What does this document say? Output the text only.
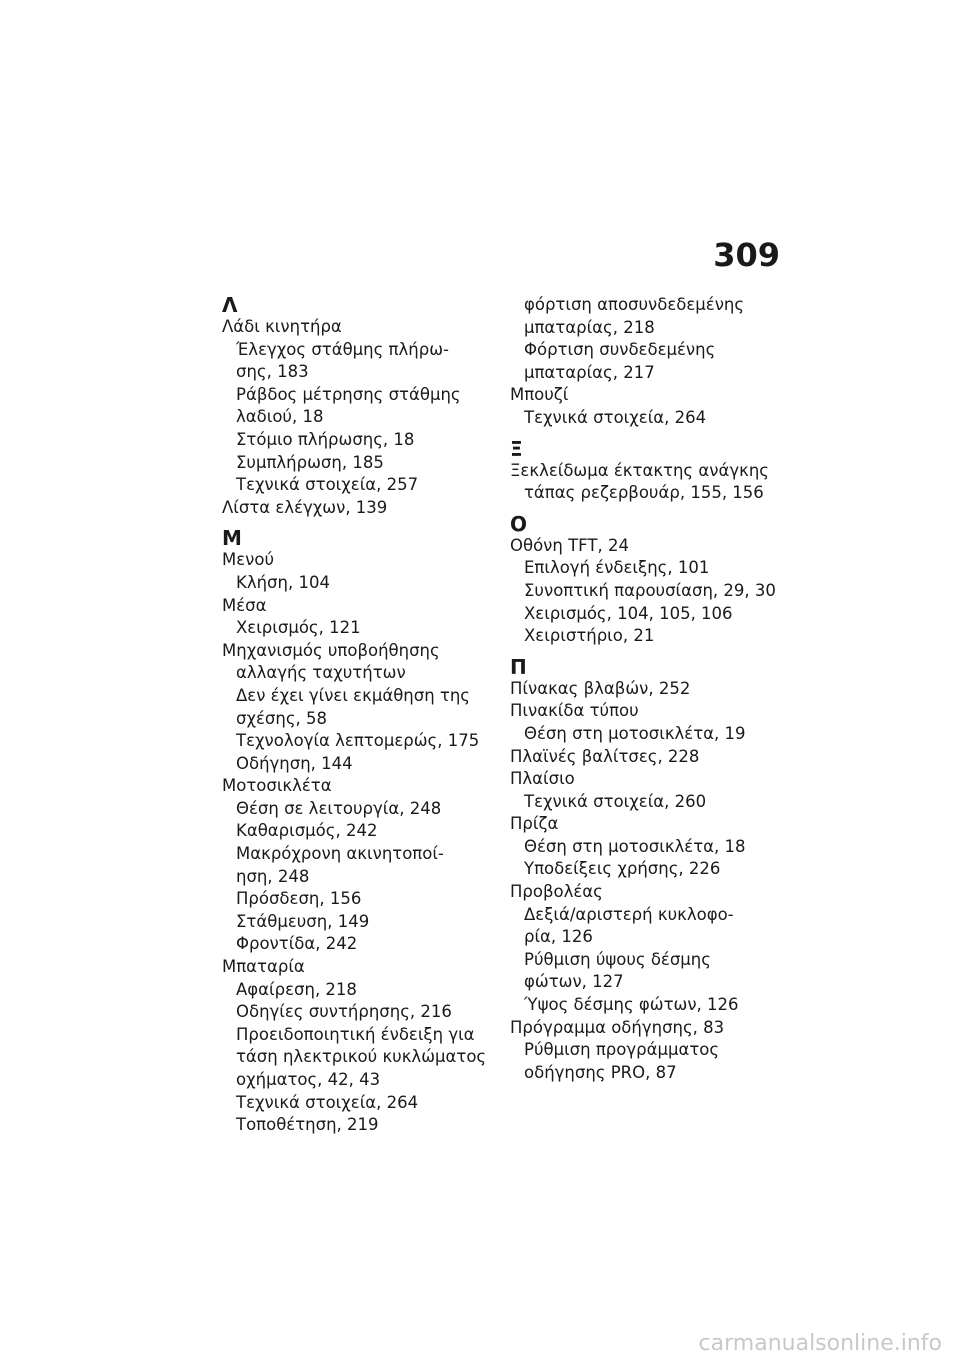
309
Λ
Λάδι κινητήρα
Έλεγχος στάθμης πλήρω-
σης, 183
Ράβδος μέτρησης στάθμης
λαδιού, 18
Στόμιο πλήρωσης, 18
Συμπλήρωση, 185
Τεχνικά στοιχεία, 257
Λίστα ελέγχων, 139
Μ
Μενού
Κλήση, 104
Μέσα
Χειρισμός, 121
Μηχανισμός υποβοήθησης
αλλαγής ταχυτήτων
Δεν έχει γίνει εκμάθηση της
σχέσης, 58
Τεχνολογία λεπτομερώς, 175
Οδήγηση, 144
Μοτοσικλέτα
Θέση σε λειτουργία, 248
Καθαρισμός, 242
Μακρόχρονη ακινητοποί-
ηση, 248
Πρόσδεση, 156
Στάθμευση, 149
Φροντίδα, 242
Μπαταρία
Αφαίρεση, 218
Οδηγίες συντήρησης, 216
Προειδοποιητική ένδειξη για
τάση ηλεκτρικού κυκλώματος
οχήματος, 42, 43
Τεχνικά στοιχεία, 264
Τοποθέτηση, 219
φόρτιση αποσυνδεδεμένης
μπαταρίας, 218
Φόρτιση συνδεδεμένης
μπαταρίας, 217
Μπουζί
Τεχνικά στοιχεία, 264
Ξ
Ξεκλείδωμα έκτακτης ανάγκης
τάπας ρεζερβουάρ, 155, 156
Ο
Οθόνη TFT, 24
Επιλογή ένδειξης, 101
Συνοπτική παρουσίαση, 29, 30
Χειρισμός, 104, 105, 106
Χειριστήριο, 21
Π
Πίνακας βλαβών, 252
Πινακίδα τύπου
Θέση στη μοτοσικλέτα, 19
Πλαϊνές βαλίτσες, 228
Πλαίσιο
Τεχνικά στοιχεία, 260
Πρίζα
Θέση στη μοτοσικλέτα, 18
Υποδείξεις χρήσης, 226
Προβολέας
Δεξιά/αριστερή κυκλοφο-
ρία, 126
Ρύθμιση ύψους δέσμης
φώτων, 127
Ύψος δέσμης φώτων, 126
Πρόγραμμα οδήγησης, 83
Ρύθμιση προγράμματος
οδήγησης PRO, 87
carmanualsonline.info
